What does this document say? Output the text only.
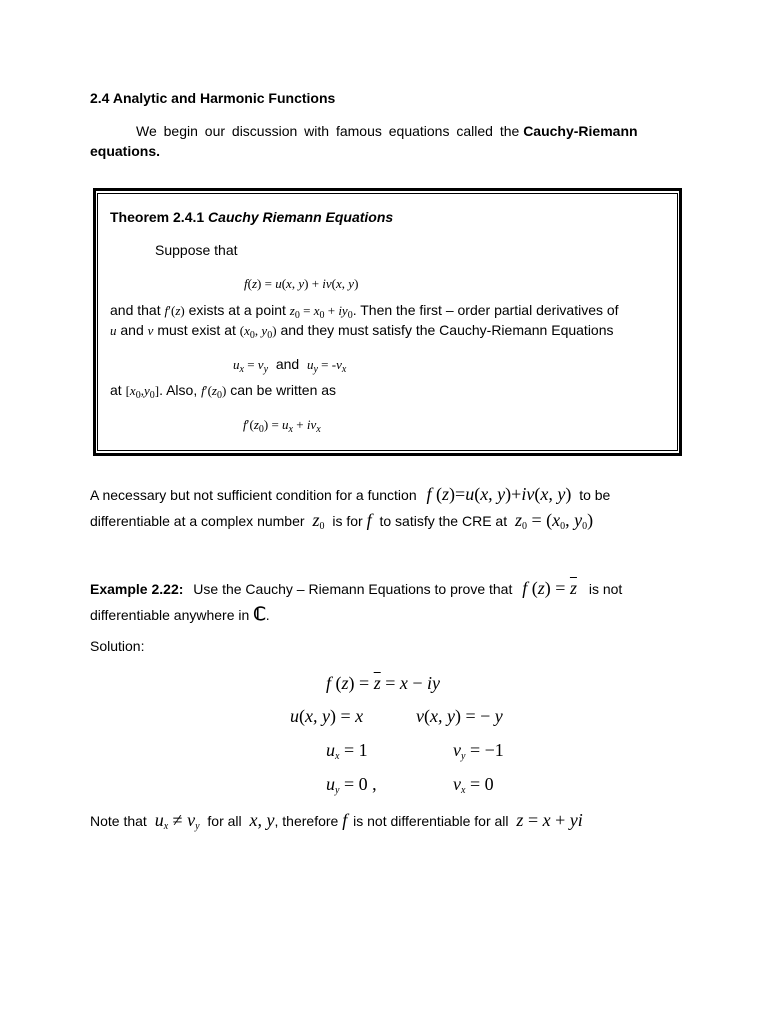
2.4 Analytic and Harmonic Functions
We begin our discussion with famous equations called the Cauchy-Riemann
equations.
Theorem 2.4.1 Cauchy Riemann Equations
Suppose that
f(z) = u(x, y) + iv(x, y)
and that f′(z) exists at a point $z_0 = x_0 + iy_0$. Then the first – order partial derivatives of
u and v must exist at ($x_0$, $y_0$) and they must satisfy the Cauchy-Riemann Equations
$u_x = v_y$ and $u_y = -v_x$
at $[x_0,y_0]$. Also, $f'(z_0)$ can be written as
$f'(z_0) = u_x + iv_x$
A necessary but not sufficient condition for a function f (z)=u(x, y)+iv(x, y) to be
differentiable at a complex number $z_0$ is for f to satisfy the CRE at $z_0 = (x_0$, $y_0$)
Example 2.22: Use the Cauchy – Riemann Equations to prove that f $(z) = \overline{z}$ is not
differentiable anywhere in ℂ.
Solution:
f $(z) = \overline{z} = x$ − iy
u(x, y) = x	v(x, y) = − y
$u_x = 1$	$v_y = -1$
$u_y = 0$ ,	$v_x = 0$
Note that $u_x \ne v_y$ for all x, y, therefore f is not differentiable for all z = x + yi
